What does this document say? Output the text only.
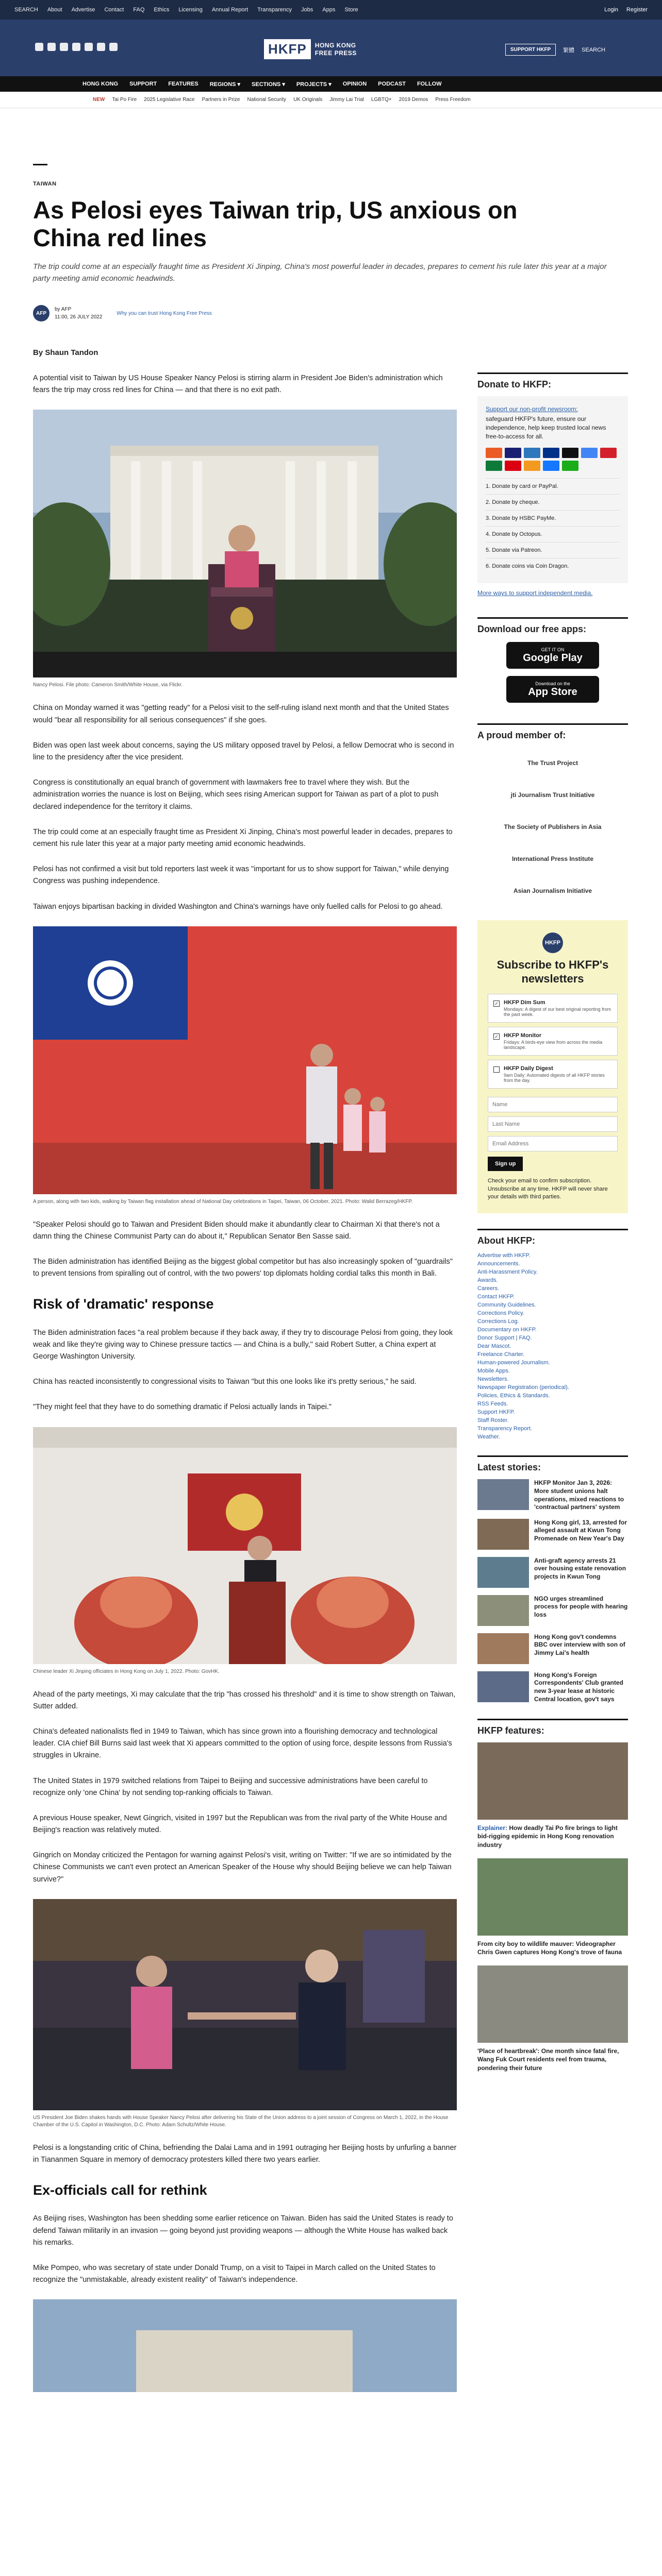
SEARCH About Advertise Contact FAQ Ethics Licensing Annual Report Transparency Jobs Apps Store	Login Register
HKFP	HONG KONG
FREE PRESS	SUPPORT HKFP	繁體 SEARCH
HONG KONG SUPPORT FEATURES REGIONS ▾ SECTIONS ▾ PROJECTS ▾ OPINION PODCAST FOLLOW
NEW Tai Po Fire 2025 Legislative Race Partners in Prize National Security UK Originals Jimmy Lai Trial LGBTQ+ 2019 Demos Press Freedom
TAIWAN
As Pelosi eyes Taiwan trip, US anxious on China red lines

The trip could come at an especially fraught time as President Xi Jinping, China's most powerful leader in decades, prepares to cement his rule later this year at a major party meeting amid economic headwinds.

AFP
by AFP
11:00, 26 JULY 2022
Why you can trust Hong Kong Free Press
By Shaun Tandon

A potential visit to Taiwan by US House Speaker Nancy Pelosi is stirring alarm in President Joe Biden's administration which fears the trip may cross red lines for China — and that there is no exit path.

Nancy Pelosi. File photo: Cameron Smith/White House, via Flickr.

China on Monday warned it was "getting ready" for a Pelosi visit to the self-ruling island next month and that the United States would "bear all responsibility for all serious consequences" if she goes.

Biden was open last week about concerns, saying the US military opposed travel by Pelosi, a fellow Democrat who is second in line to the presidency after the vice president.

Congress is constitutionally an equal branch of government with lawmakers free to travel where they wish. But the administration worries the nuance is lost on Beijing, which sees rising American support for Taiwan as part of a plot to push declared independence for the territory it claims.

The trip could come at an especially fraught time as President Xi Jinping, China's most powerful leader in decades, prepares to cement his rule later this year at a major party meeting amid economic headwinds.

Pelosi has not confirmed a visit but told reporters last week it was "important for us to show support for Taiwan," while denying Congress was pushing independence.

Taiwan enjoys bipartisan backing in divided Washington and China's warnings have only fuelled calls for Pelosi to go ahead.

A person, along with two kids, walking by Taiwan flag installation ahead of National Day celebrations in Taipei, Taiwan, 06 October, 2021. Photo: Walid Berrazeg/HKFP.

"Speaker Pelosi should go to Taiwan and President Biden should make it abundantly clear to Chairman Xi that there's not a damn thing the Chinese Communist Party can do about it," Republican Senator Ben Sasse said.

The Biden administration has identified Beijing as the biggest global competitor but has also increasingly spoken of "guardrails" to prevent tensions from spiralling out of control, with the two powers' top diplomats holding cordial talks this month in Bali.

Risk of 'dramatic' response

The Biden administration faces "a real problem because if they back away, if they try to discourage Pelosi from going, they look weak and like they're giving way to Chinese pressure tactics — and China is a bully," said Robert Sutter, a China expert at George Washington University.

China has reacted inconsistently to congressional visits to Taiwan "but this one looks like it's pretty serious," he said.

"They might feel that they have to do something dramatic if Pelosi actually lands in Taipei."

Chinese leader Xi Jinping officiates in Hong Kong on July 1, 2022. Photo: GovHK.

Ahead of the party meetings, Xi may calculate that the trip "has crossed his threshold" and it is time to show strength on Taiwan, Sutter added.

China's defeated nationalists fled in 1949 to Taiwan, which has since grown into a flourishing democracy and technological leader. CIA chief Bill Burns said last week that Xi appears committed to the option of using force, despite lessons from Russia's struggles in Ukraine.

The United States in 1979 switched relations from Taipei to Beijing and successive administrations have been careful to recognize only 'one China' by not sending top-ranking officials to Taiwan.

A previous House speaker, Newt Gingrich, visited in 1997 but the Republican was from the rival party of the White House and Beijing's reaction was relatively muted.

Gingrich on Monday criticized the Pentagon for warning against Pelosi's visit, writing on Twitter: "If we are so intimidated by the Chinese Communists we can't even protect an American Speaker of the House why should Beijing believe we can help Taiwan survive?"

US President Joe Biden shakes hands with House Speaker Nancy Pelosi after delivering his State of the Union address to a joint session of Congress on March 1, 2022, in the House Chamber of the U.S. Capitol in Washington, D.C. Photo: Adam Schultz/White House.

Pelosi is a longstanding critic of China, befriending the Dalai Lama and in 1991 outraging her Beijing hosts by unfurling a banner in Tiananmen Square in memory of democracy protesters killed there two years earlier.

Ex-officials call for rethink

As Beijing rises, Washington has been shedding some earlier reticence on Taiwan. Biden has said the United States is ready to defend Taiwan militarily in an invasion — going beyond just providing weapons — although the White House has walked back his remarks.

Mike Pompeo, who was secretary of state under Donald Trump, on a visit to Taipei in March called on the United States to recognize the "unmistakable, already existent reality" of Taiwan's independence.

Donate to HKFP:
Support our non-profit newsroom:
safeguard HKFP's future, ensure our independence, help keep trusted local news free-to-access for all.
1. Donate by card or PayPal.
2. Donate by cheque.
3. Donate by HSBC PayMe.
4. Donate by Octopus.
5. Donate via Patreon.
6. Donate coins via Coin Dragon.
More ways to support independent media.
Download our free apps:
GET IT ON
Google Play
Download on the
App Store
A proud member of:
The Trust Project
jti Journalism Trust Initiative
The Society of Publishers in Asia
International Press Institute
Asian Journalism Initiative
HKFP
Subscribe to HKFP's newsletters
✓ HKFP Dim Sum
Mondays: A digest of our best original reporting from the past week.
✓ HKFP Monitor
Fridays: A birds-eye view from across the media landscape.
HKFP Daily Digest
9am Daily: Automated digests of all HKFP stories from the day.
Name Last Name Email Address
Sign up
Check your email to confirm subscription. Unsubscribe at any time. HKFP will never share your details with third parties.
About HKFP:
Advertise with HKFP.
Announcements.
Anti-Harassment Policy.
Awards.
Careers.
Contact HKFP.
Community Guidelines.
Corrections Policy.
Corrections Log.
Documentary on HKFP.
Donor Support | FAQ.
Dear Mascot.
Freelance Charter.
Human-powered Journalism.
Mobile Apps.
Newsletters.
Newspaper Registration (periodical).
Policies, Ethics & Standards.
RSS Feeds.
Support HKFP.
Staff Roster.
Transparency Report.
Weather.
Latest stories:
HKFP Monitor Jan 3, 2026: More student unions halt operations, mixed reactions to 'contractual partners' system
Hong Kong girl, 13, arrested for alleged assault at Kwun Tong Promenade on New Year's Day
Anti-graft agency arrests 21 over housing estate renovation projects in Kwun Tong
NGO urges streamlined process for people with hearing loss
Hong Kong gov't condemns BBC over interview with son of Jimmy Lai's health
Hong Kong's Foreign Correspondents' Club granted new 3-year lease at historic Central location, gov't says
HKFP features:
Explainer: How deadly Tai Po fire brings to light bid-rigging epidemic in Hong Kong renovation industry
From city boy to wildlife mauver: Videographer Chris Gwen captures Hong Kong's trove of fauna
'Place of heartbreak': One month since fatal fire, Wang Fuk Court residents reel from trauma, pondering their future
